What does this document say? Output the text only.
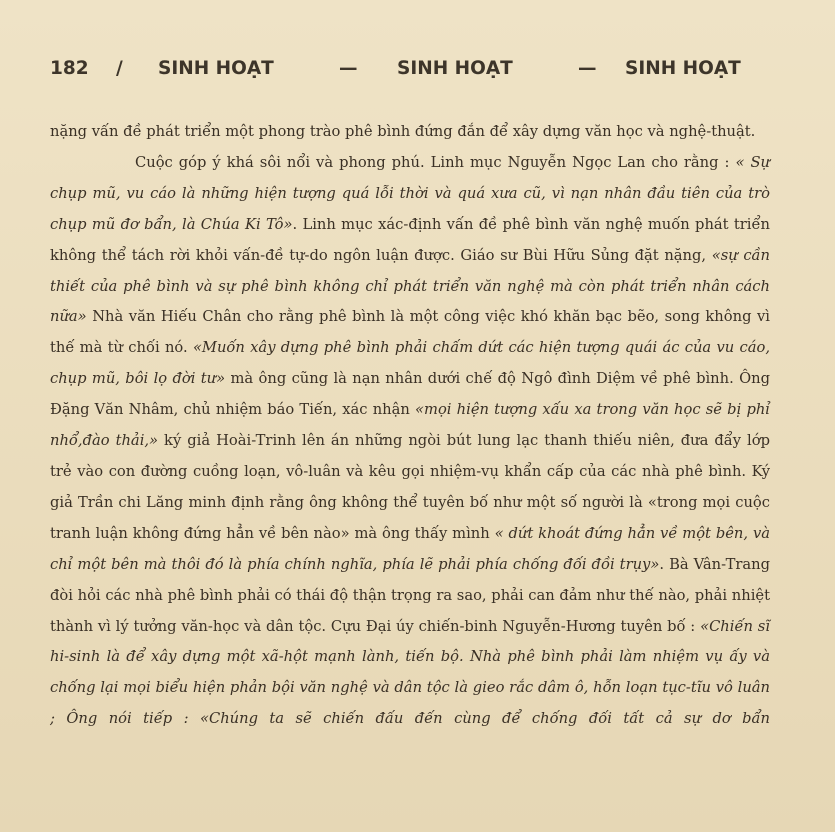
182 / SINH HOẠT	— SINH HOẠT	— SINH HOẠT

nặng vấn đề phát triển một phong trào phê bình đứng đắn để xây dựng văn học và nghệ-thuật.

Cuộc góp ý khá sôi nổi và phong phú. Linh mục Nguyễn Ngọc Lan cho rằng : « Sự chụp mũ, vu cáo là những hiện tượng quá lỗi thời và quá xưa cũ, vì nạn nhân đầu tiên của trò chụp mũ đơ bẩn, là Chúa Ki Tô». Linh mục xác-định vấn đề phê bình văn nghệ muốn phát triển không thể tách rời khỏi vấn-đề tự-do ngôn luận được. Giáo sư Bùi Hữu Sủng đặt nặng, «sự cần thiết của phê bình và sự phê bình không chỉ phát triển văn nghệ mà còn phát triển nhân cách nữa» Nhà văn Hiếu Chân cho rằng phê bình là một công việc khó khăn bạc bẽo, song không vì thế mà từ chối nó. «Muốn xây dựng phê bình phải chấm dứt các hiện tượng quái ác của vu cáo, chụp mũ, bôi lọ đời tư» mà ông cũng là nạn nhân dưới chế độ Ngô đình Diệm về phê bình. Ông Đặng Văn Nhâm, chủ nhiệm báo Tiến, xác nhận «mọi hiện tượng xấu xa trong văn học sẽ bị phỉ nhổ,đào thải,» ký giả Hoài-Trinh lên án những ngòi bút lung lạc thanh thiếu niên, đưa đẩy lớp trẻ vào con đường cuồng loạn, vô-luân và kêu gọi nhiệm-vụ khẩn cấp của các nhà phê bình. Ký giả Trần chi Lăng minh định rằng ông không thể tuyên bố như một số người là «trong mọi cuộc tranh luận không đứng hẳn về bên nào» mà ông thấy mình « dứt khoát đứng hẳn về một bên, và chỉ một bên mà thôi đó là phía chính nghĩa, phía lẽ phải phía chống đối đồi trụy». Bà Vân-Trang đòi hỏi các nhà phê bình phải có thái độ thận trọng ra sao, phải can đảm như thế nào, phải nhiệt thành vì lý tưởng văn-học và dân tộc. Cựu Đại úy chiến-binh Nguyễn-Hương tuyên bố : «Chiến sĩ hi-sinh là để xây dựng một xã-hột mạnh lành, tiến bộ. Nhà phê bình phải làm nhiệm vụ ấy và chống lại mọi biểu hiện phản bội văn nghệ và dân tộc là gieo rắc dâm ô, hỗn loạn tục-tĩu vô luân ; Ông nói tiếp : «Chúng ta sẽ chiến đấu đến cùng để chống đối tất cả sự dơ bẩn
